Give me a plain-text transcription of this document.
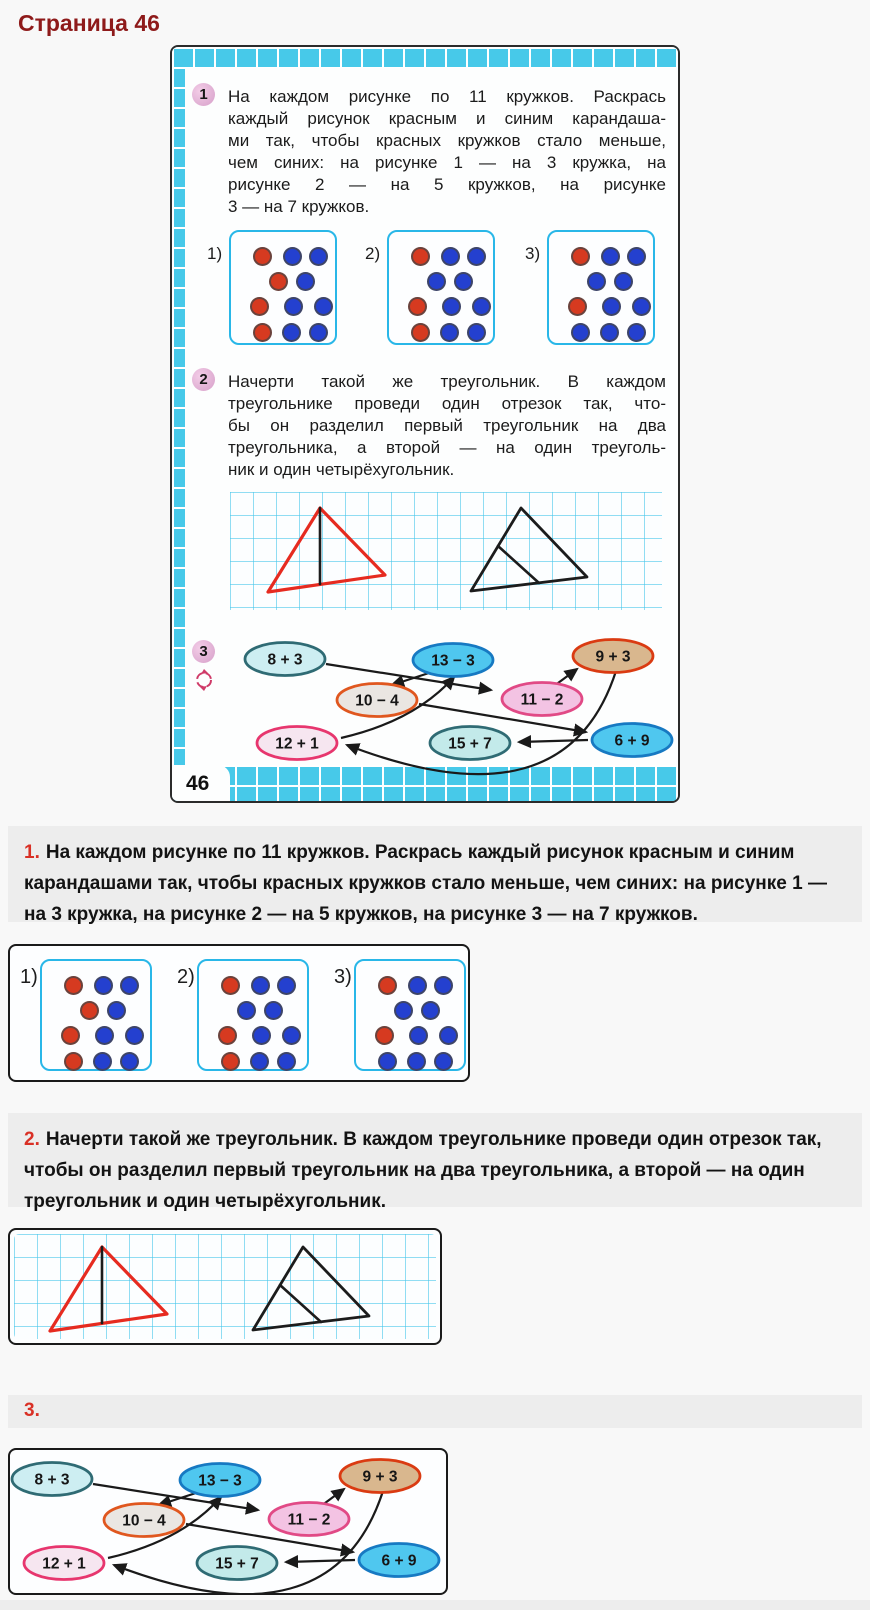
Страница 46
46
1	На каждом рисунке по 11 кружков. Раскрась
каждый рисунок красным и синим карандаша-
ми так, чтобы красных кружков стало меньше,
чем синих: на рисунке 1 — на 3 кружка, на
рисунке 2 — на 5 кружков, на рисунке
3 — на 7 кружков.
1)	2)	3)
2	Начерти такой же треугольник. В каждом
треугольнике проведи один отрезок так, что-
бы он разделил первый треугольник на два
треугольника, а второй — на один треуголь-
ник и один четырёхугольник.
3	8 + 3	13 − 3	9 + 3
10 − 4	11 − 2
12 + 1	15 + 7	6 + 9
1. На каждом рисунке по 11 кружков. Раскрась каждый рисунок красным и синим карандашами так, чтобы красных кружков стало меньше, чем синих: на рисунке 1 — на 3 кружка, на рисунке 2 — на 5 кружков, на рисунке 3 — на 7 кружков.
1)	2)	3)
2. Начерти такой же треугольник. В каждом треугольнике проведи один отрезок так, чтобы он разделил первый треугольник на два треугольника, а второй — на один треугольник и один четырёхугольник.
3.
8 + 3	13 − 3	9 + 3
10 − 4	11 − 2
12 + 1	15 + 7	6 + 9
